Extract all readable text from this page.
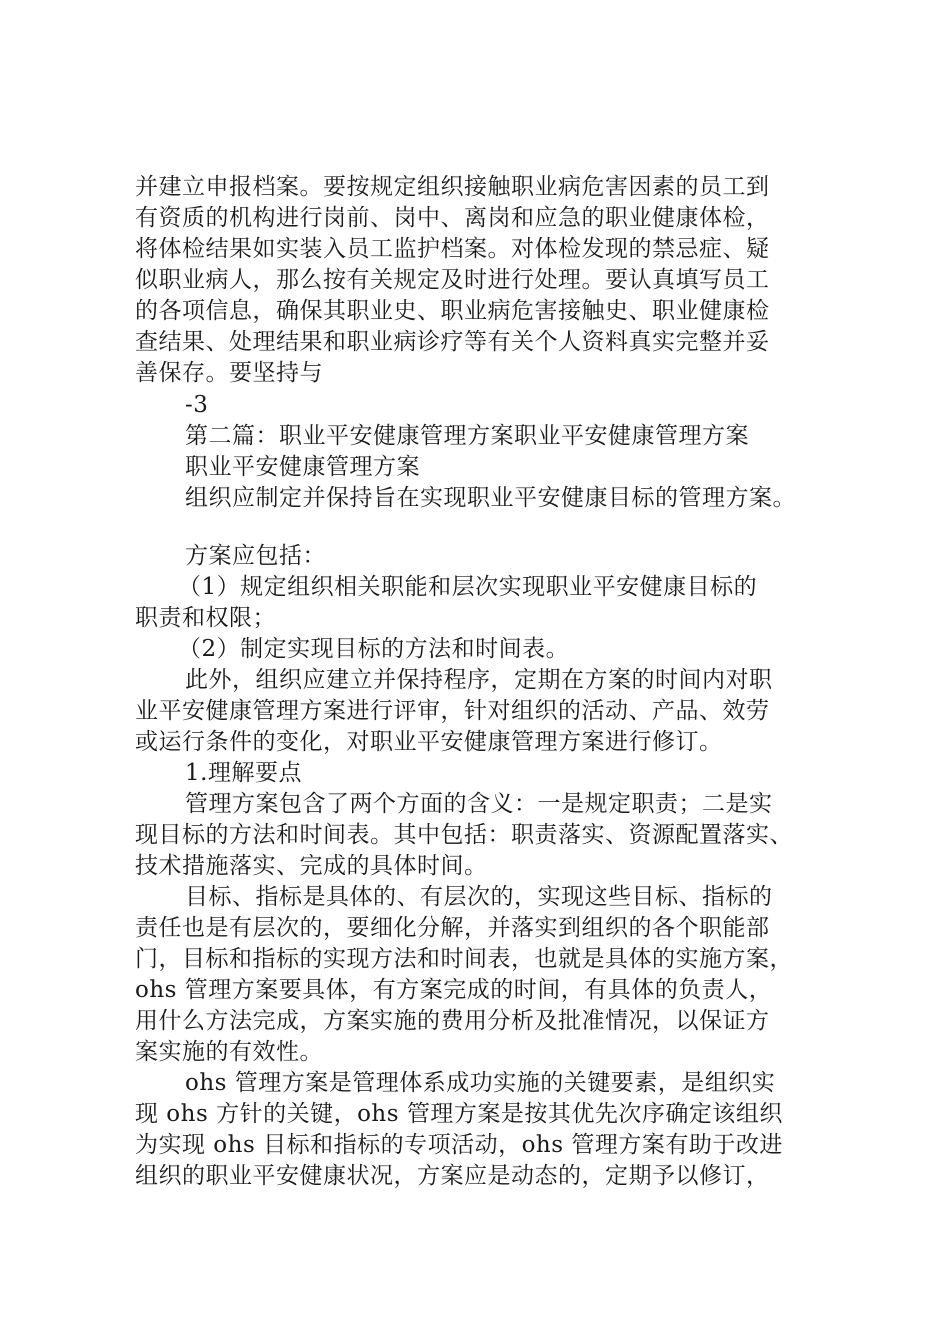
并建立申报档案。要按规定组织接触职业病危害因素的员工到
有资质的机构进行岗前、岗中、离岗和应急的职业健康体检，
将体检结果如实装入员工监护档案。对体检发现的禁忌症、疑
似职业病人，那么按有关规定及时进行处理。要认真填写员工
的各项信息，确保其职业史、职业病危害接触史、职业健康检
查结果、处理结果和职业病诊疗等有关个人资料真实完整并妥
善保存。要坚持与
-3
第二篇：职业平安健康管理方案职业平安健康管理方案
职业平安健康管理方案
组织应制定并保持旨在实现职业平安健康目标的管理方案。
方案应包括：
（1）规定组织相关职能和层次实现职业平安健康目标的
职责和权限；
（2）制定实现目标的方法和时间表。
此外，组织应建立并保持程序，定期在方案的时间内对职
业平安健康管理方案进行评审，针对组织的活动、产品、效劳
或运行条件的变化，对职业平安健康管理方案进行修订。
1.理解要点
管理方案包含了两个方面的含义：一是规定职责；二是实
现目标的方法和时间表。其中包括：职责落实、资源配置落实、
技术措施落实、完成的具体时间。
目标、指标是具体的、有层次的，实现这些目标、指标的
责任也是有层次的，要细化分解，并落实到组织的各个职能部
门，目标和指标的实现方法和时间表，也就是具体的实施方案，
ohs 管理方案要具体，有方案完成的时间，有具体的负责人，
用什么方法完成，方案实施的费用分析及批准情况，以保证方
案实施的有效性。
ohs 管理方案是管理体系成功实施的关键要素，是组织实
现 ohs 方针的关键，ohs 管理方案是按其优先次序确定该组织
为实现 ohs 目标和指标的专项活动，ohs 管理方案有助于改进
组织的职业平安健康状况，方案应是动态的，定期予以修订，
